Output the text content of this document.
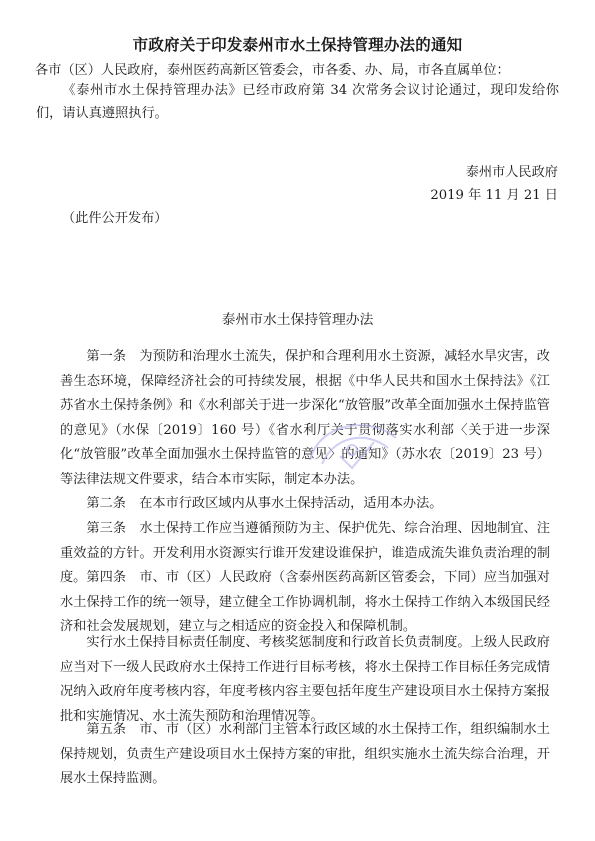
市政府关于印发泰州市水土保持管理办法的通知
各市（区）人民政府，泰州医药高新区管委会，市各委、办、局，市各直属单位：

《泰州市水土保持管理办法》已经市政府第 34 次常务会议讨论通过，现印发给你们，请认真遵照执行。

泰州市人民政府
2019 年 11 月 21 日
（此件公开发布）
泰州市水土保持管理办法

第一条　为预防和治理水土流失，保护和合理利用水土资源，减轻水旱灾害，改善生态环境，保障经济社会的可持续发展，根据《中华人民共和国水土保持法》《江苏省水土保持条例》和《水利部关于进一步深化“放管服”改革全面加强水土保持监管的意见》（水保〔2019〕160 号）《省水利厅关于贯彻落实水利部〈关于进一步深化“放管服”改革全面加强水土保持监管的意见〉的通知》（苏水农〔2019〕23 号）等法律法规文件要求，结合本市实际，制定本办法。

第二条　在本市行政区域内从事水土保持活动，适用本办法。

第三条　水土保持工作应当遵循预防为主、保护优先、综合治理、因地制宜、注重效益的方针。开发利用水资源实行谁开发建设谁保护，谁造成流失谁负责治理的制度。 第四条　市、市（区）人民政府（含泰州医药高新区管委会，下同）应当加强对水土保持工作的统一领导，建立健全工作协调机制，将水土保持工作纳入本级国民经济和社会发展规划，建立与之相适应的资金投入和保障机制。

实行水土保持目标责任制度、考核奖惩制度和行政首长负责制度。上级人民政府应当对下一级人民政府水土保持工作进行目标考核，将水土保持工作目标任务完成情况纳入政府年度考核内容，年度考核内容主要包括年度生产建设项目水土保持方案报批和实施情况、水土流失预防和治理情况等。

第五条　市、市（区）水利部门主管本行政区域的水土保持工作，组织编制水土保持规划，负责生产建设项目水土保持方案的审批，组织实施水土流失综合治理，开展水土保持监测。
